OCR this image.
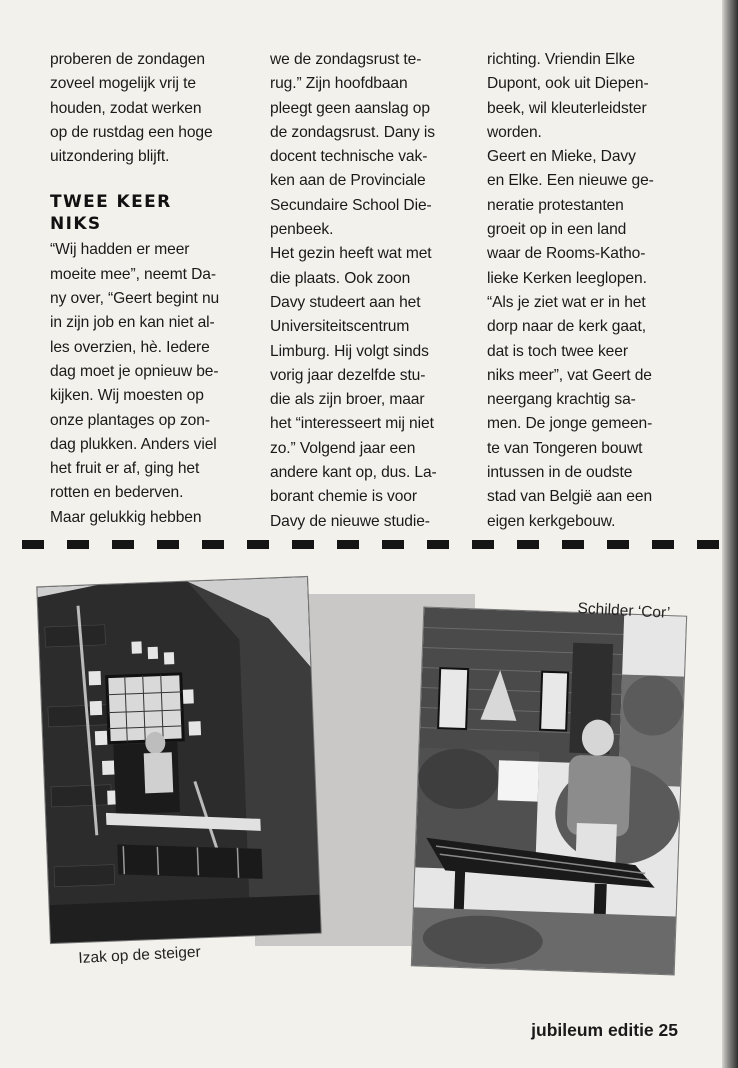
proberen de zondagen
zoveel mogelijk vrij te
houden, zodat werken
op de rustdag een hoge
uitzondering blijft.
TWEE KEER
NIKS
“Wij hadden er meer
moeite mee”, neemt Da-
ny over, “Geert begint nu
in zijn job en kan niet al-
les overzien, hè. Iedere
dag moet je opnieuw be-
kijken. Wij moesten op
onze plantages op zon-
dag plukken. Anders viel
het fruit er af, ging het
rotten en bederven.
Maar gelukkig hebben
we de zondagsrust te-
rug.” Zijn hoofdbaan
pleegt geen aanslag op
de zondagsrust. Dany is
docent technische vak-
ken aan de Provinciale
Secundaire School Die-
penbeek.
Het gezin heeft wat met
die plaats. Ook zoon
Davy studeert aan het
Universiteitscentrum
Limburg. Hij volgt sinds
vorig jaar dezelfde stu-
die als zijn broer, maar
het “interesseert mij niet
zo.” Volgend jaar een
andere kant op, dus. La-
borant chemie is voor
Davy de nieuwe studie-
richting. Vriendin Elke
Dupont, ook uit Diepen-
beek, wil kleuterleidster
worden.
Geert en Mieke, Davy
en Elke. Een nieuwe ge-
neratie protestanten
groeit op in een land
waar de Rooms-Katho-
lieke Kerken leeglopen.
“Als je ziet wat er in het
dorp naar de kerk gaat,
dat is toch twee keer
niks meer”, vat Geert de
neergang krachtig sa-
men. De jonge gemeen-
te van Tongeren bouwt
intussen in de oudste
stad van België aan een
eigen kerkgebouw.
Izak op de steiger
Schilder ‘Cor’
jubileum editie 25
